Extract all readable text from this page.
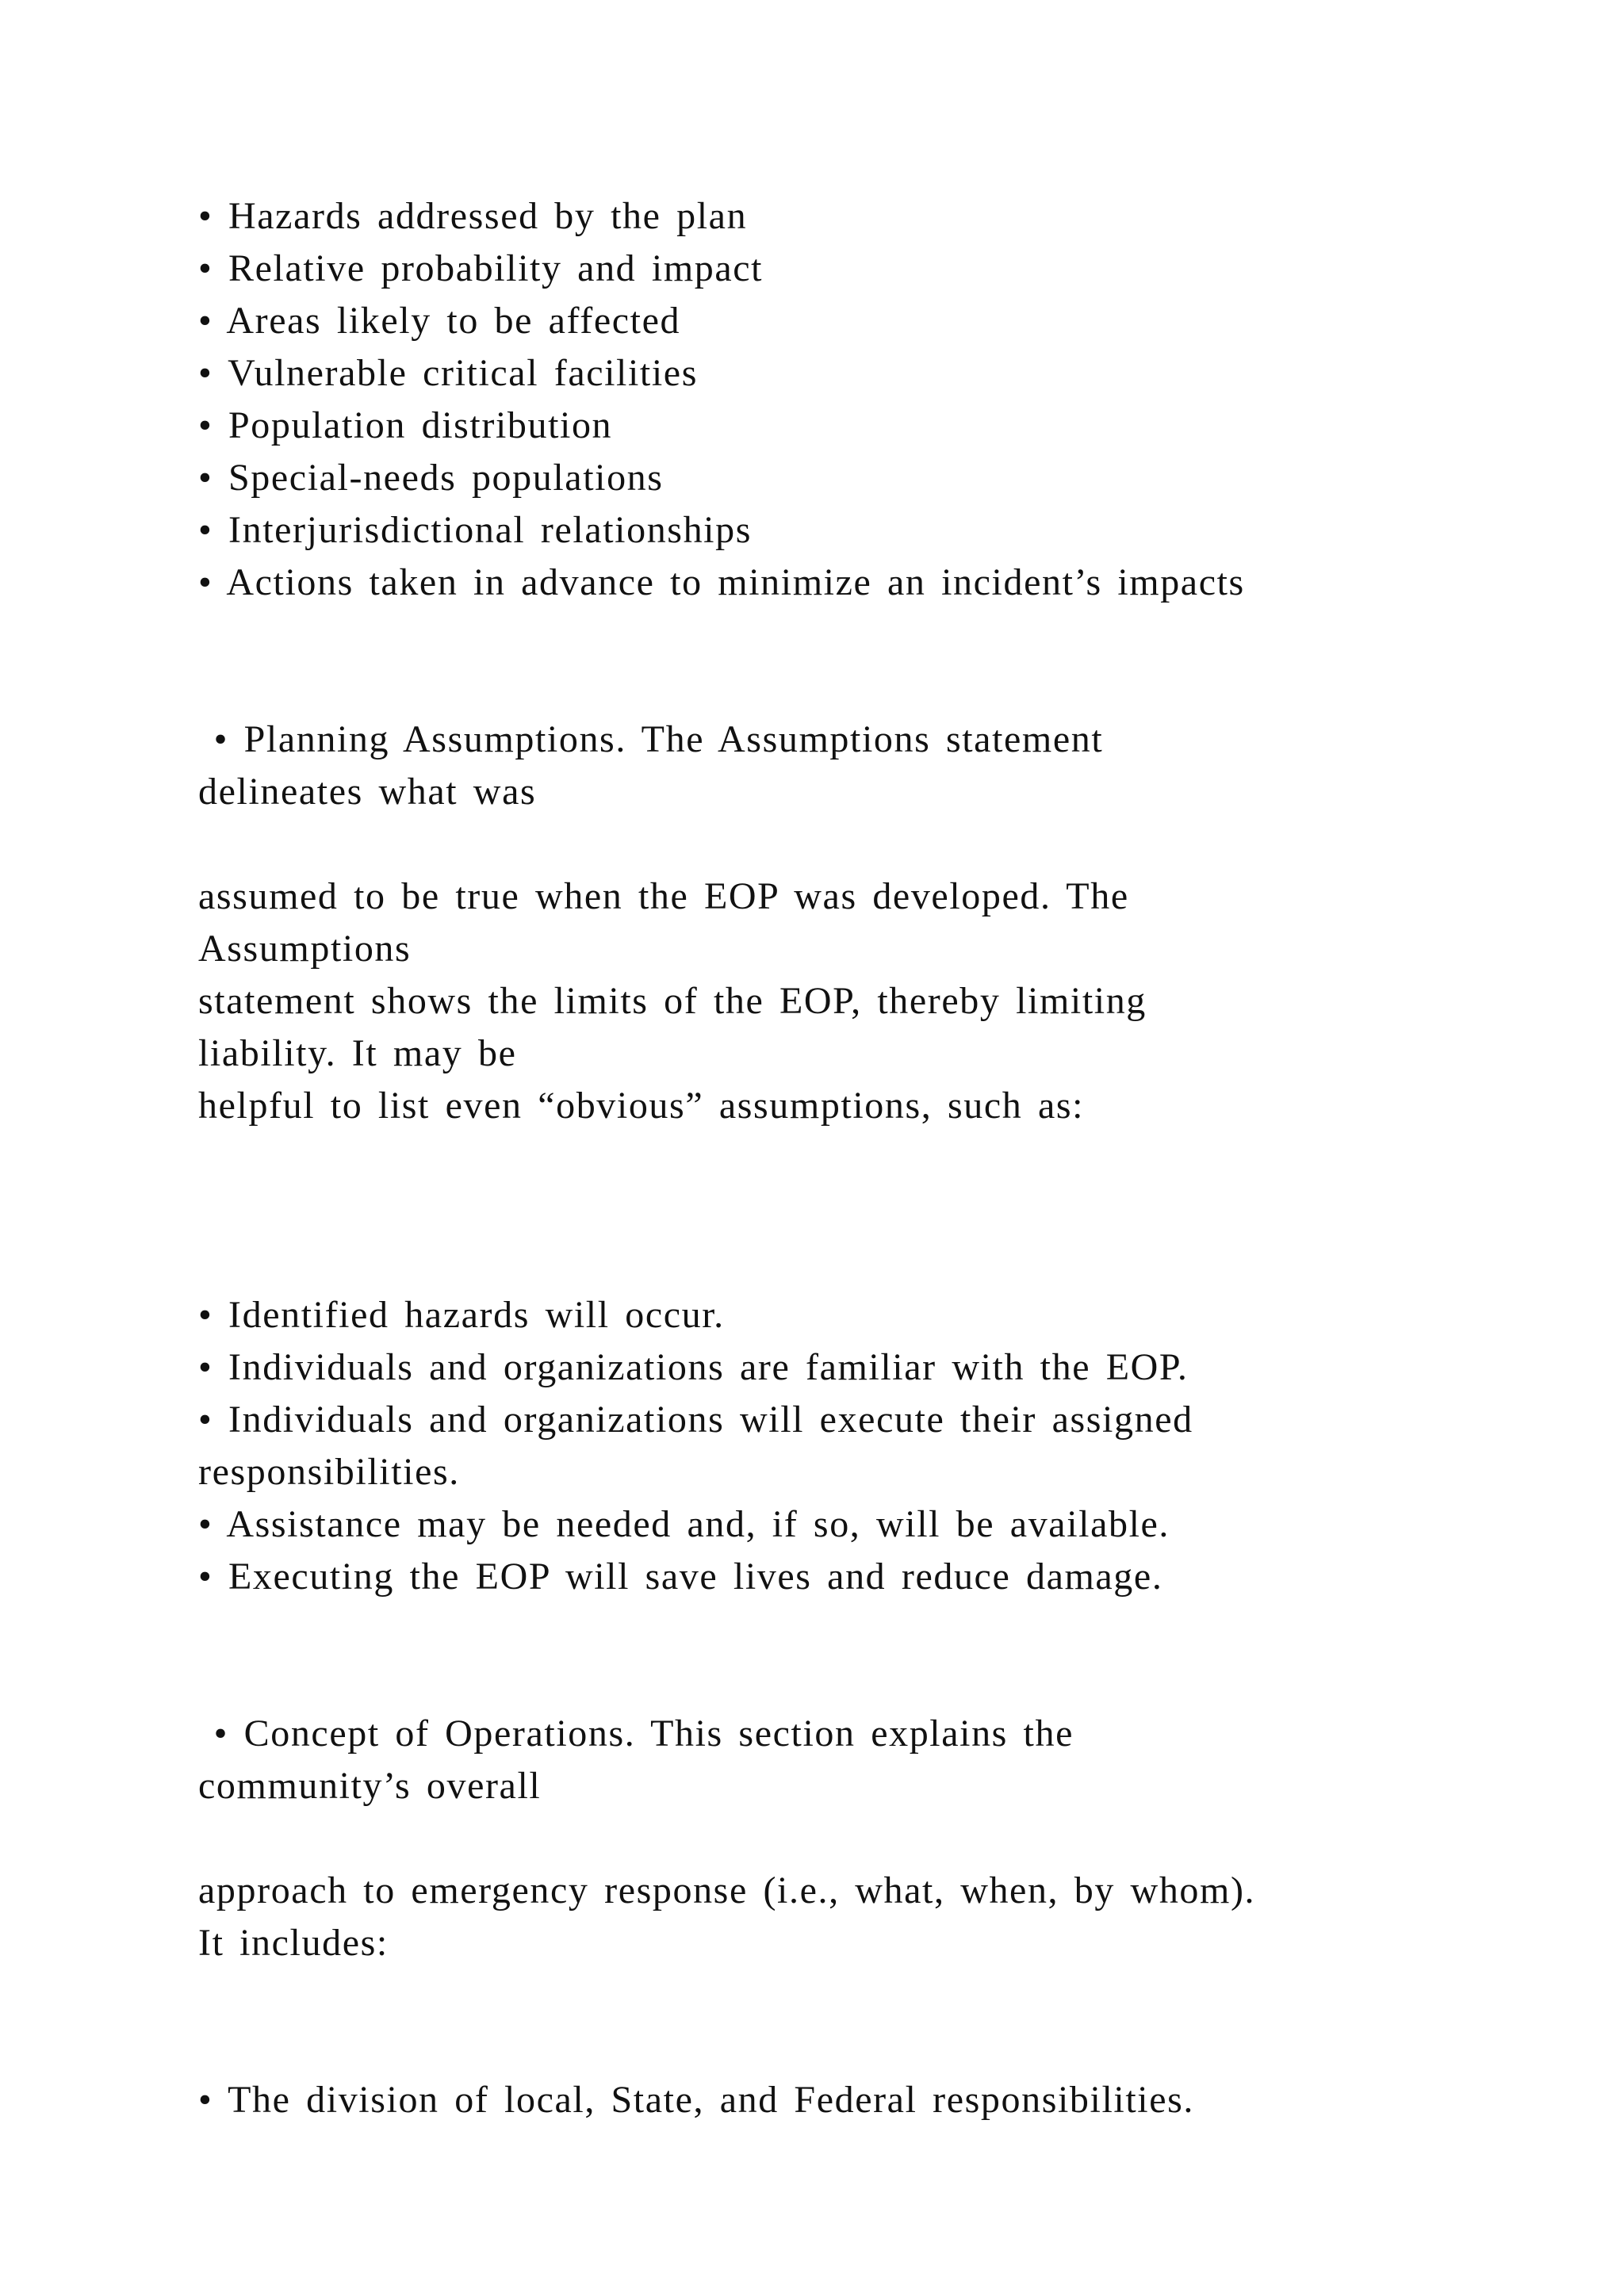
• Hazards addressed by the plan
• Relative probability and impact
• Areas likely to be affected
• Vulnerable critical facilities
• Population distribution
• Special-needs populations
• Interjurisdictional relationships
• Actions taken in advance to minimize an incident’s impacts
• Planning Assumptions. The Assumptions statement
delineates what was
assumed to be true when the EOP was developed. The
Assumptions
statement shows the limits of the EOP, thereby limiting
liability. It may be
helpful to list even “obvious” assumptions, such as:
• Identified hazards will occur.
• Individuals and organizations are familiar with the EOP.
• Individuals and organizations will execute their assigned
responsibilities.
• Assistance may be needed and, if so, will be available.
• Executing the EOP will save lives and reduce damage.
• Concept of Operations. This section explains the
community’s overall
approach to emergency response (i.e., what, when, by whom).
It includes:
• The division of local, State, and Federal responsibilities.
